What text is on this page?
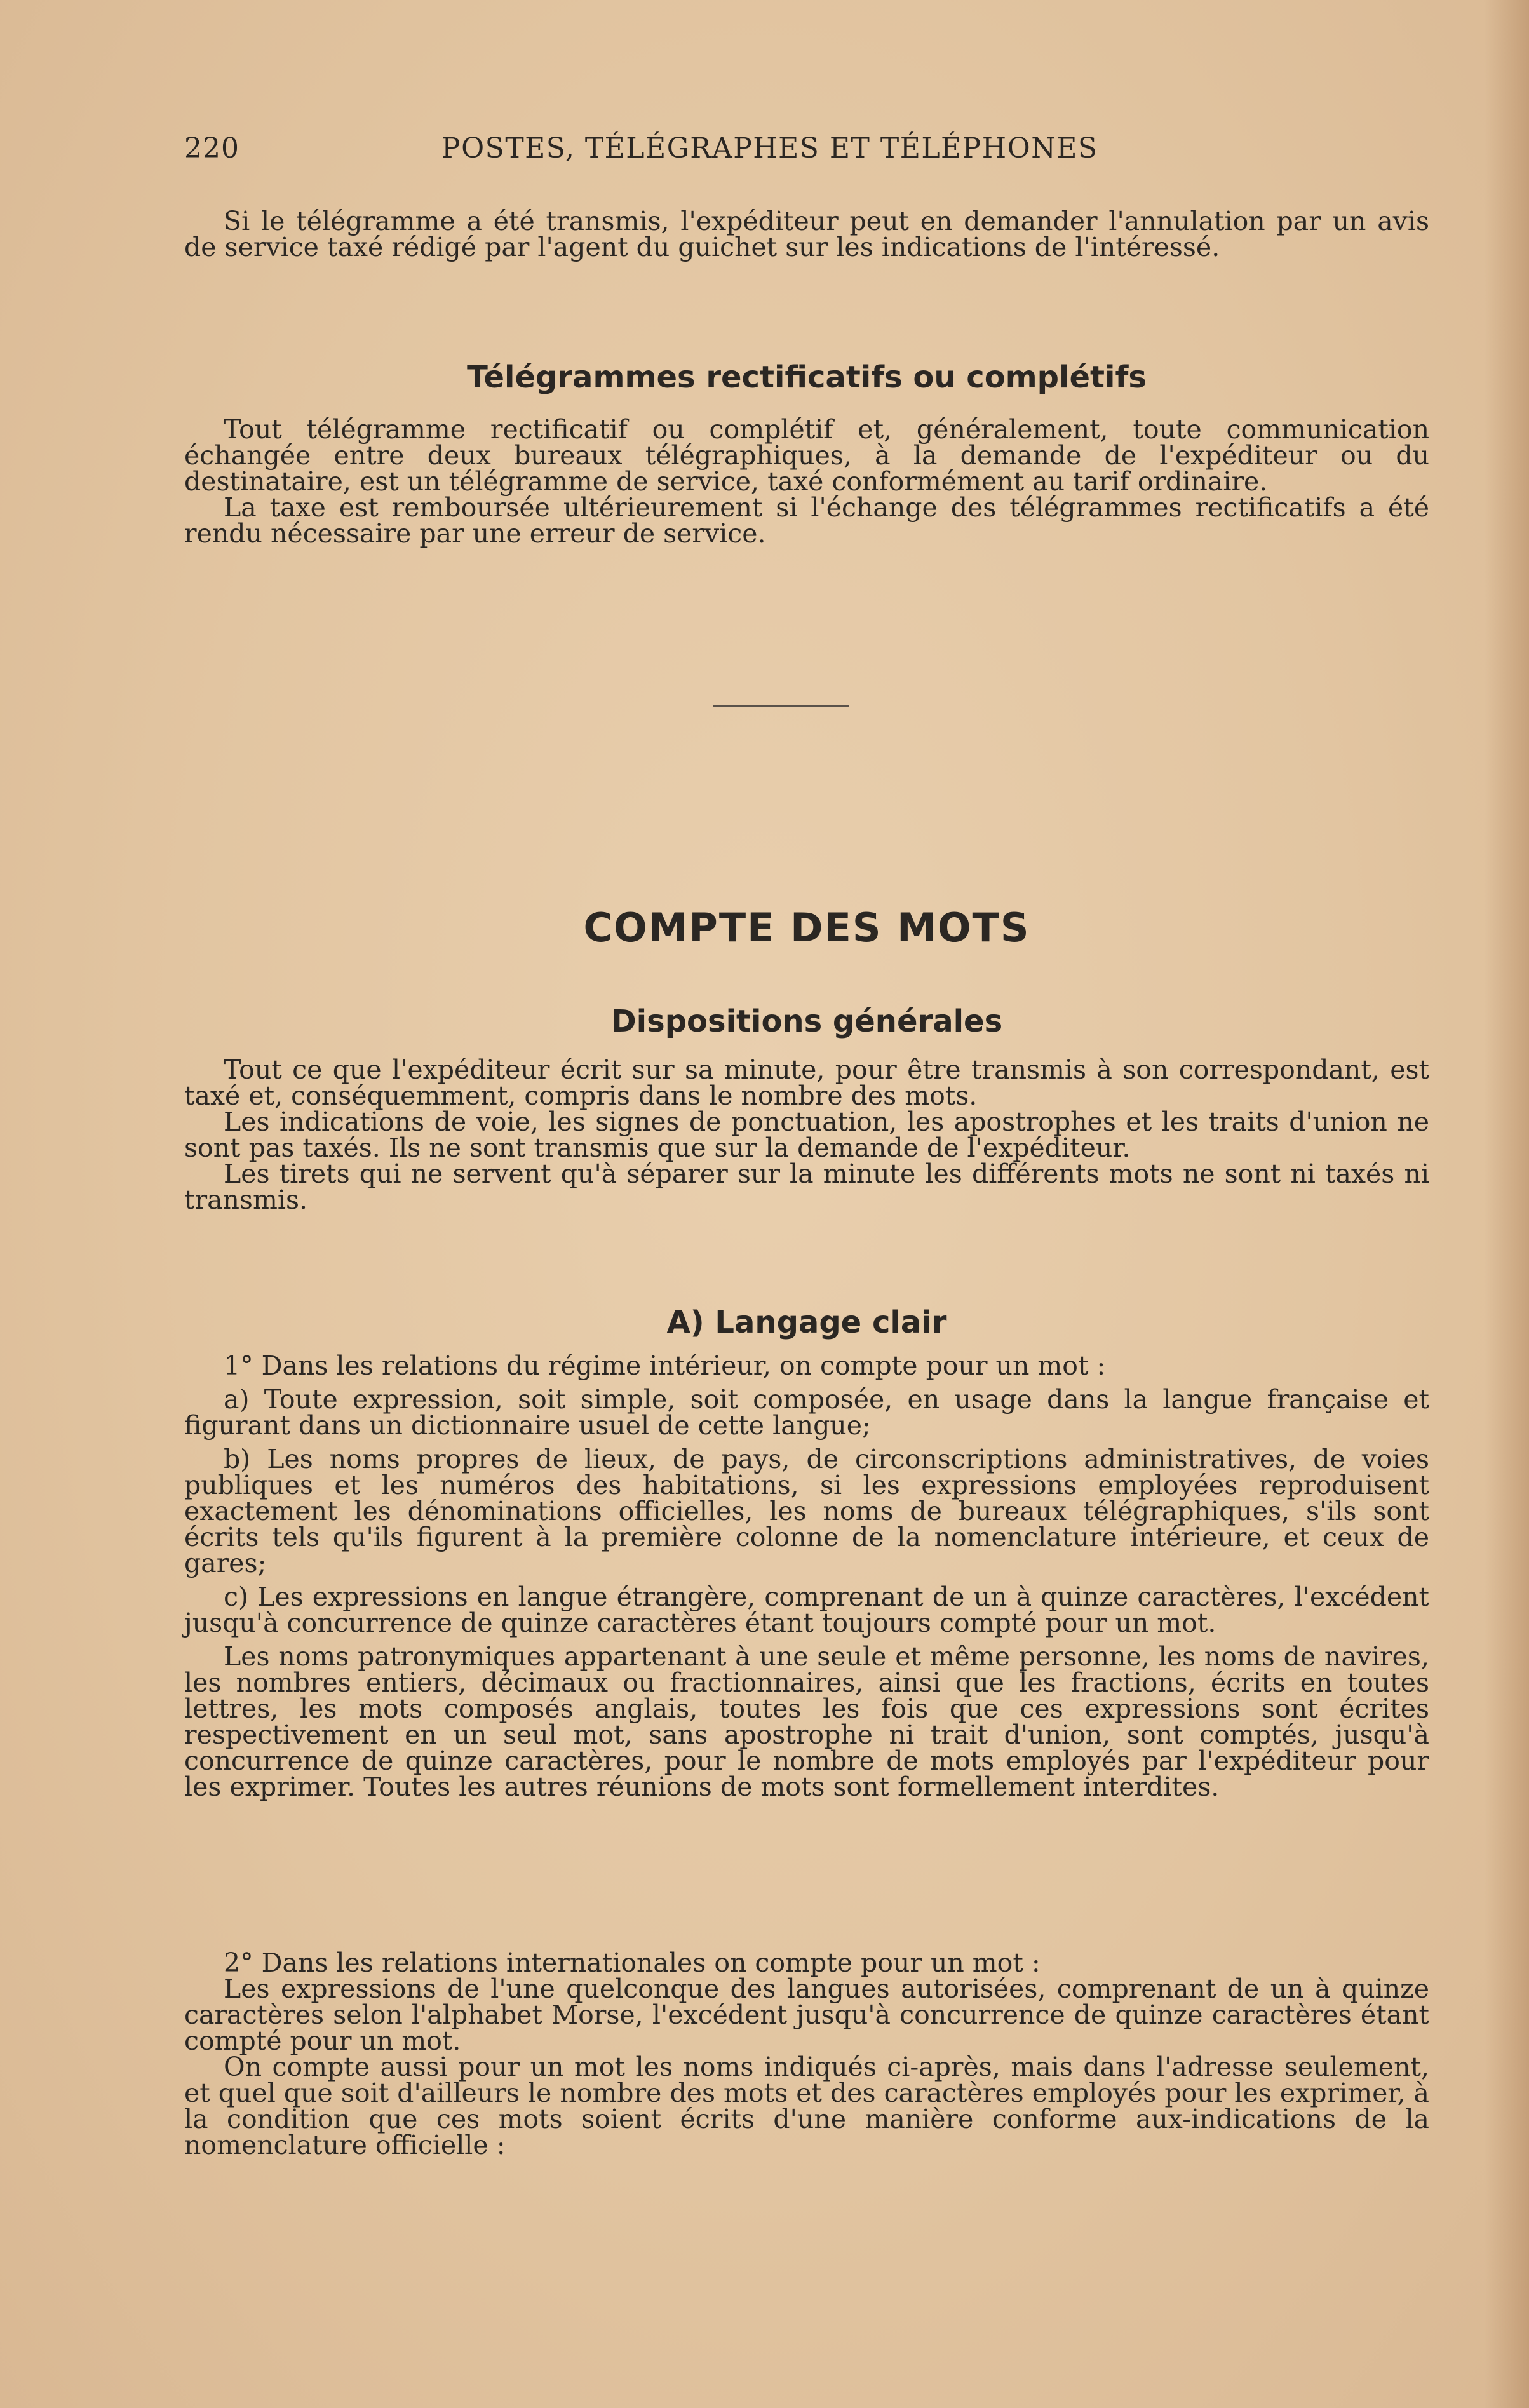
220	POSTES, TÉLÉGRAPHES ET TÉLÉPHONES

Si le télégramme a été transmis, l'expéditeur peut en demander l'annulation par un avis de service taxé rédigé par l'agent du guichet sur les indications de l'intéressé.

Télégrammes rectificatifs ou complétifs

Tout télégramme rectificatif ou complétif et, généralement, toute communication échangée entre deux bureaux télégraphiques, à la demande de l'expéditeur ou du destinataire, est un télégramme de service, taxé conformément au tarif ordinaire.

La taxe est remboursée ultérieurement si l'échange des télégrammes rectificatifs a été rendu nécessaire par une erreur de service.

COMPTE DES MOTS
Dispositions générales

Tout ce que l'expéditeur écrit sur sa minute, pour être transmis à son correspondant, est taxé et, conséquemment, compris dans le nombre des mots.

Les indications de voie, les signes de ponctuation, les apostrophes et les traits d'union ne sont pas taxés. Ils ne sont transmis que sur la demande de l'expéditeur.

Les tirets qui ne servent qu'à séparer sur la minute les différents mots ne sont ni taxés ni transmis.

A) Langage clair

1° Dans les relations du régime intérieur, on compte pour un mot :

a) Toute expression, soit simple, soit composée, en usage dans la langue française et figurant dans un dictionnaire usuel de cette langue;

b) Les noms propres de lieux, de pays, de circonscriptions administratives, de voies publiques et les numéros des habitations, si les expressions employées reproduisent exactement les dénominations officielles, les noms de bureaux télégraphiques, s'ils sont écrits tels qu'ils figurent à la première colonne de la nomenclature intérieure, et ceux de gares;

c) Les expressions en langue étrangère, comprenant de un à quinze caractères, l'excédent jusqu'à concurrence de quinze caractères étant toujours compté pour un mot.

Les noms patronymiques appartenant à une seule et même personne, les noms de navires, les nombres entiers, décimaux ou fractionnaires, ainsi que les fractions, écrits en toutes lettres, les mots composés anglais, toutes les fois que ces expressions sont écrites respectivement en un seul mot, sans apostrophe ni trait d'union, sont comptés, jusqu'à concurrence de quinze caractères, pour le nombre de mots employés par l'expéditeur pour les exprimer. Toutes les autres réunions de mots sont formellement interdites.

2° Dans les relations internationales on compte pour un mot :

Les expressions de l'une quelconque des langues autorisées, comprenant de un à quinze caractères selon l'alphabet Morse, l'excédent jusqu'à concurrence de quinze caractères étant compté pour un mot.

On compte aussi pour un mot les noms indiqués ci-après, mais dans l'adresse seulement, et quel que soit d'ailleurs le nombre des mots et des caractères employés pour les exprimer, à la condition que ces mots soient écrits d'une manière conforme aux-indications de la nomenclature officielle :
